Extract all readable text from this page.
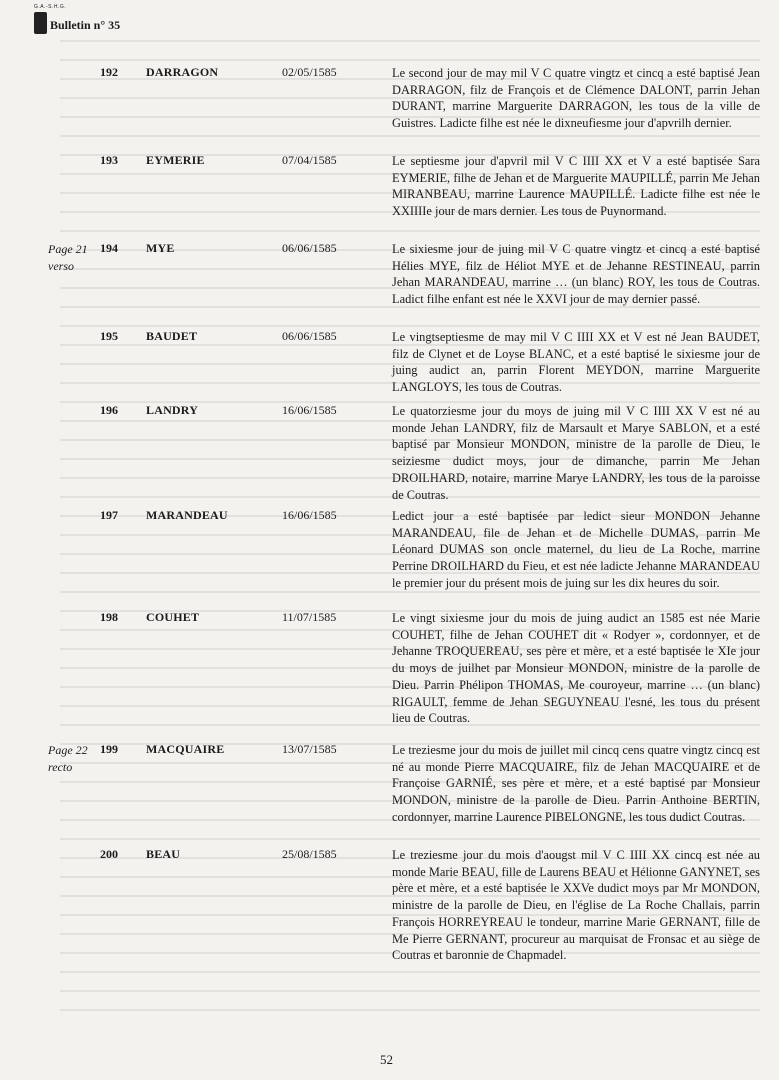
G.A.-S.H.G.
Bulletin n° 35
192 DARRAGON	02/05/1585	Le second jour de may mil V C quatre vingtz et cincq a esté baptisé Jean DARRAGON, filz de François et de Clémence DALONT, parrin Jehan DURANT, marrine Marguerite DARRAGON, les tous de la ville de Guistres. Ladicte filhe est née le dixneufiesme jour d'apvrilh dernier.
193 EYMERIE	07/04/1585	Le septiesme jour d'apvril mil V C IIII XX et V a esté baptisée Sara EYMERIE, filhe de Jehan et de Marguerite MAUPILLÉ, parrin Me Jehan MIRANBEAU, marrine Laurence MAUPILLÉ. Ladicte filhe est née le XXIIIIe jour de mars dernier. Les tous de Puynormand.
Page 21 verso
194 MYE	06/06/1585	Le sixiesme jour de juing mil V C quatre vingtz et cincq a esté baptisé Hélies MYE, filz de Héliot MYE et de Jehanne RESTINEAU, parrin Jehan MARANDEAU, marrine … (un blanc) ROY, les tous de Coutras. Ladict filhe enfant est née le XXVI jour de may dernier passé.
195 BAUDET	06/06/1585	Le vingtseptiesme de may mil V C IIII XX et V est né Jean BAUDET, filz de Clynet et de Loyse BLANC, et a esté baptisé le sixiesme jour de juing audict an, parrin Florent MEYDON, marrine Marguerite LANGLOYS, les tous de Coutras.
196 LANDRY	16/06/1585	Le quatorziesme jour du moys de juing mil V C IIII XX V est né au monde Jehan LANDRY, filz de Marsault et Marye SABLON, et a esté baptisé par Monsieur MONDON, ministre de la parolle de Dieu, le seiziesme dudict moys, jour de dimanche, parrin Me Jehan DROILHARD, notaire, marrine Marye LANDRY, les tous de la paroisse de Coutras.
197 MARANDEAU	16/06/1585	Ledict jour a esté baptisée par ledict sieur MONDON Jehanne MARANDEAU, file de Jehan et de Michelle DUMAS, parrin Me Léonard DUMAS son oncle maternel, du lieu de La Roche, marrine Perrine DROILHARD du Fieu, et est née ladicte Jehanne MARANDEAU le premier jour du présent mois de juing sur les dix heures du soir.
198 COUHET	11/07/1585	Le vingt sixiesme jour du mois de juing audict an 1585 est née Marie COUHET, filhe de Jehan COUHET dit « Rodyer », cordonnyer, et de Jehanne TROQUEREAU, ses père et mère, et a esté baptisée le XIe jour du moys de juilhet par Monsieur MONDON, ministre de la parolle de Dieu. Parrin Phélipon THOMAS, Me couroyeur, marrine … (un blanc) RIGAULT, femme de Jehan SEGUYNEAU l'esné, les tous du présent lieu de Coutras.
Page 22 recto
199 MACQUAIRE	13/07/1585	Le treziesme jour du mois de juillet mil cincq cens quatre vingtz cincq est né au monde Pierre MACQUAIRE, filz de Jehan MACQUAIRE et de Françoise GARNIÉ, ses père et mère, et a esté baptisé par Monsieur MONDON, ministre de la parolle de Dieu. Parrin Anthoine BERTIN, cordonnyer, marrine Laurence PIBELONGNE, les tous dudict Coutras.
200 BEAU	25/08/1585	Le treziesme jour du mois d'aougst mil V C IIII XX cincq est née au monde Marie BEAU, fille de Laurens BEAU et Hélionne GANYNET, ses père et mère, et a esté baptisée le XXVe dudict moys par Mr MONDON, ministre de la parolle de Dieu, en l'église de La Roche Challais, parrin François HORREYREAU le tondeur, marrine Marie GERNANT, fille de Me Pierre GERNANT, procureur au marquisat de Fronsac et au siège de Coutras et baronnie de Chapmadel.
52
